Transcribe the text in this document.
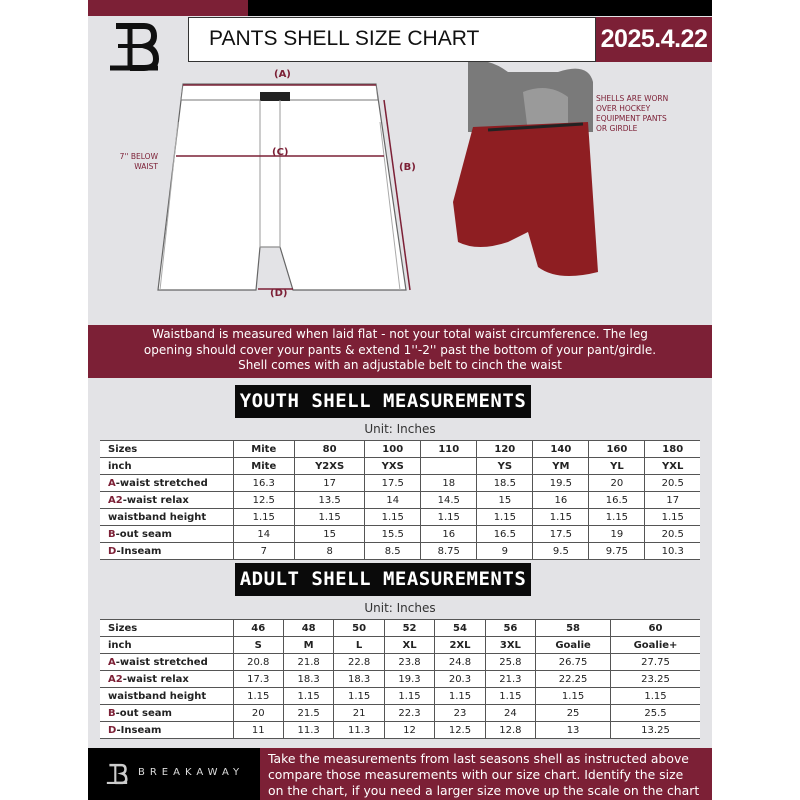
PANTS SHELL SIZE CHART	2025.4.22
(A)
(C)
(B)
(D)
7'' BELOW WAIST
SHELLS ARE WORN OVER HOCKEY EQUIPMENT PANTS OR GIRDLE
Waistband is measured when laid flat - not your total waist circumference. The leg
opening should cover your pants & extend 1''-2'' past the bottom of your pant/girdle.
Shell comes with an adjustable belt to cinch the waist
YOUTH SHELL MEASUREMENTS
Unit: Inches
Sizes	Mite	80	100	110	120	140	160	180
inch	Mite	Y2XS	YXS		YS	YM	YL	YXL
A-waist stretched	16.3	17	17.5	18	18.5	19.5	20	20.5
A2-waist relax	12.5	13.5	14	14.5	15	16	16.5	17
waistband height	1.15	1.15	1.15	1.15	1.15	1.15	1.15	1.15
B-out seam	14	15	15.5	16	16.5	17.5	19	20.5
D-Inseam	7	8	8.5	8.75	9	9.5	9.75	10.3
ADULT SHELL MEASUREMENTS
Unit: Inches
Sizes	46	48	50	52	54	56	58	60
inch	S	M	L	XL	2XL	3XL	Goalie	Goalie+
A-waist stretched	20.8	21.8	22.8	23.8	24.8	25.8	26.75	27.75
A2-waist relax	17.3	18.3	18.3	19.3	20.3	21.3	22.25	23.25
waistband height	1.15	1.15	1.15	1.15	1.15	1.15	1.15	1.15
B-out seam	20	21.5	21	22.3	23	24	25	25.5
D-Inseam	11	11.3	11.3	12	12.5	12.8	13	13.25
BREAKAWAY
Take the measurements from last seasons shell as instructed above
compare those measurements with our size chart. Identify the size
on the chart, if you need a larger size move up the scale on the chart
